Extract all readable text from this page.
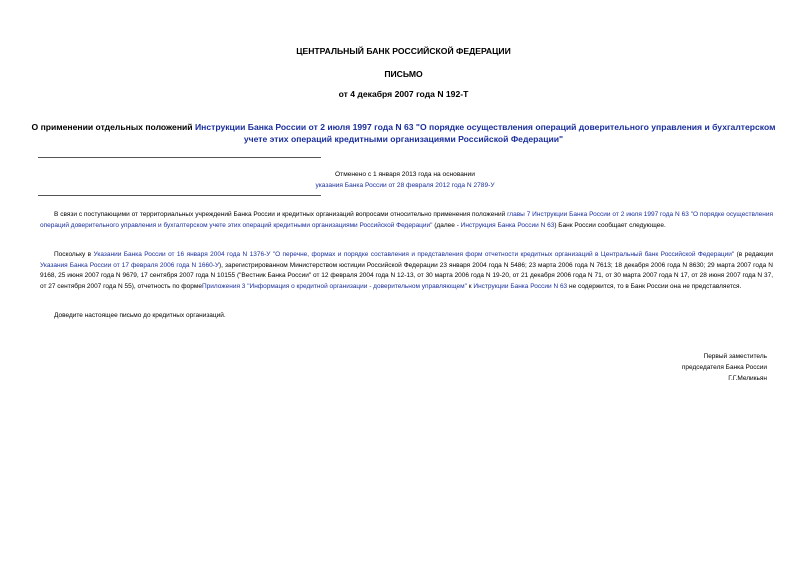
ЦЕНТРАЛЬНЫЙ БАНК РОССИЙСКОЙ ФЕДЕРАЦИИ
ПИСЬМО
от 4 декабря 2007 года N 192-Т
О применении отдельных положений Инструкции Банка России от 2 июля 1997 года N 63 "О порядке осуществления операций доверительного управления и бухгалтерском учете этих операций кредитными организациями Российской Федерации"
Отменено с 1 января 2013 года на основании
указания Банка России от 28 февраля 2012 года N 2789-У
В связи с поступающими от территориальных учреждений Банка России и кредитных организаций вопросами относительно применения положений главы 7 Инструкции Банка России от 2 июля 1997 года N 63 "О порядке осуществления операций доверительного управления и бухгалтерском учете этих операций кредитными организациями Российской Федерации" (далее - Инструкция Банка России N 63) Банк России сообщает следующее.
Поскольку в Указании Банка России от 16 января 2004 года N 1376-У "О перечне, формах и порядке составления и представления форм отчетности кредитных организаций в Центральный банк Российской Федерации" (в редакции Указания Банка России от 17 февраля 2006 года N 1660-У), зарегистрированном Министерством юстиции Российской Федерации 23 января 2004 года N 5486; 23 марта 2006 года N 7613; 18 декабря 2006 года N 8630; 29 марта 2007 года N 9168, 25 июня 2007 года N 9679, 17 сентября 2007 года N 10155 ("Вестник Банка России" от 12 февраля 2004 года N 12-13, от 30 марта 2006 года N 19-20, от 21 декабря 2006 года N 71, от 30 марта 2007 года N 17, от 28 июня 2007 года N 37, от 27 сентября 2007 года N 55), отчетность по формеПриложения 3 "Информация о кредитной организации - доверительном управляющем" к Инструкции Банка России N 63 не содержится, то в Банк России она не представляется.
Доведите настоящее письмо до кредитных организаций.
Первый заместитель
председателя Банка России
Г.Г.Меликьян
